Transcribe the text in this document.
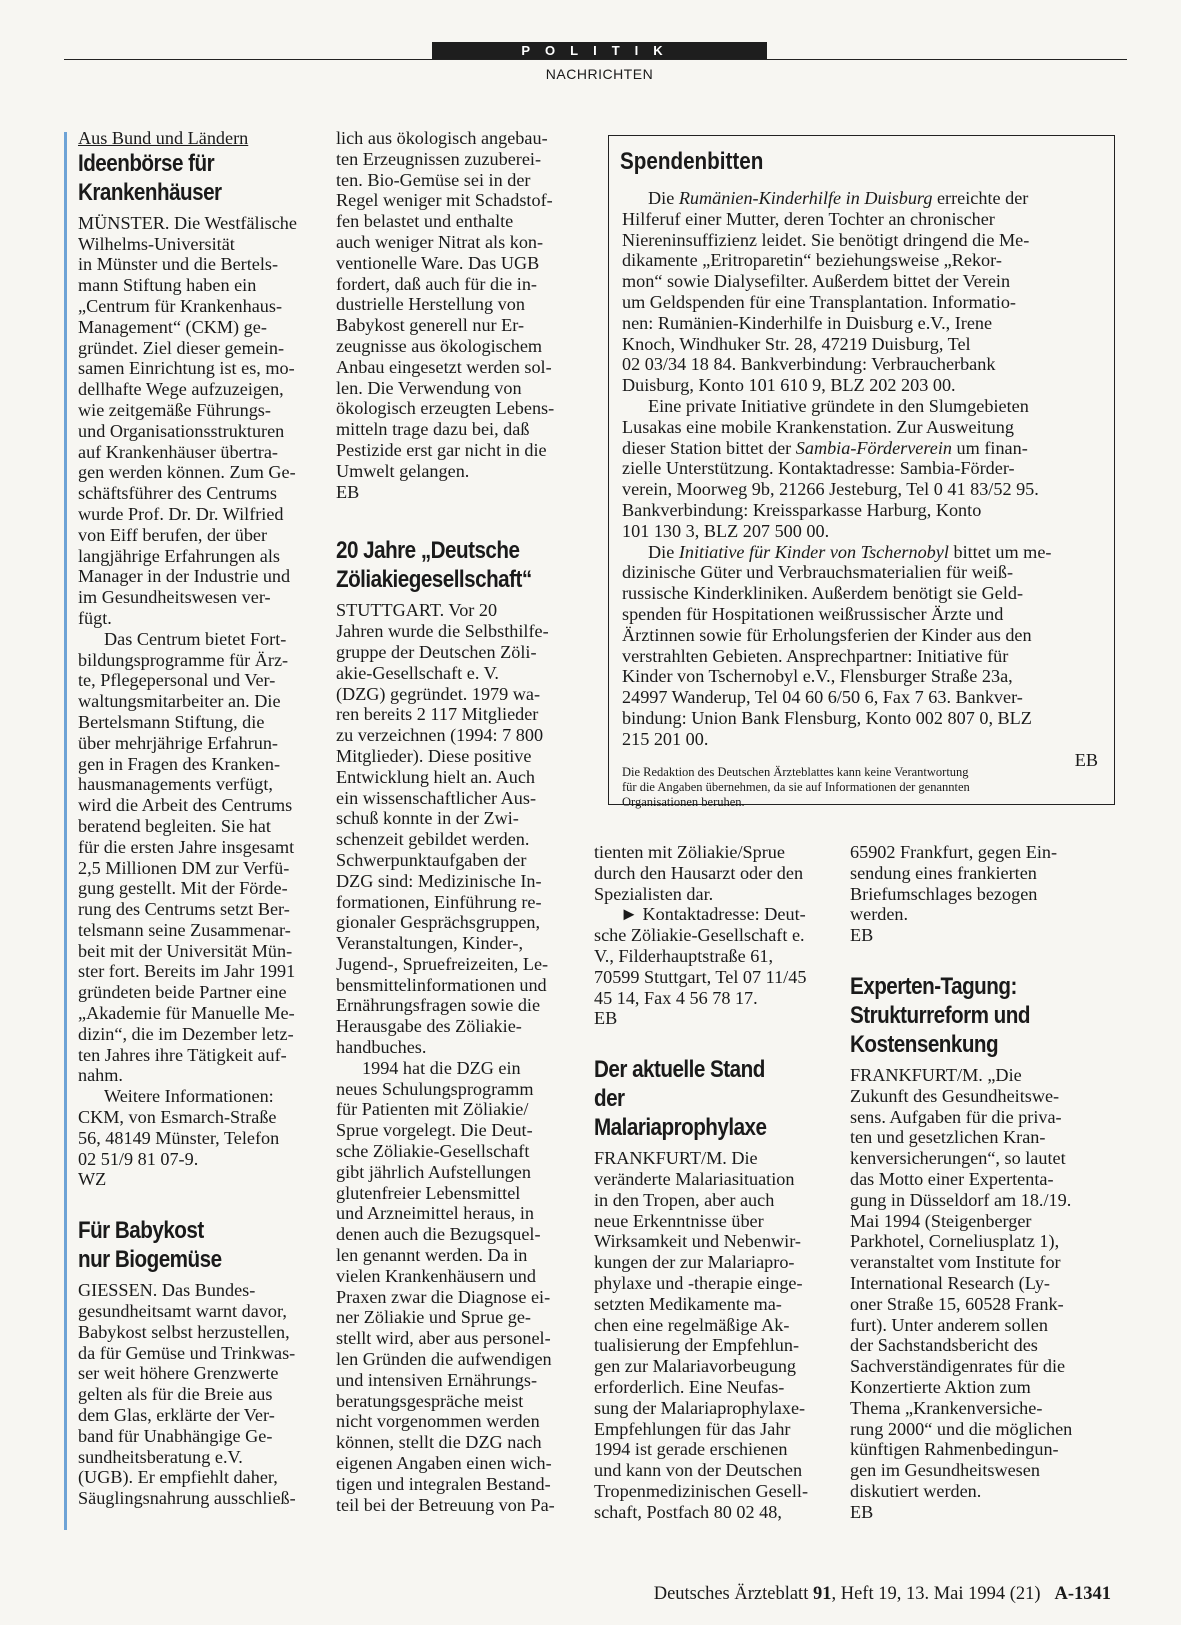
POLITIK
NACHRICHTEN

Aus Bund und Ländern

Ideenbörse für
Krankenhäuser

MÜNSTER. Die Westfälische Wilhelms-Universität
in Münster und die Bertels-
mann Stiftung haben ein
„Centrum für Krankenhaus-
Management“ (CKM) ge-
gründet. Ziel dieser gemein-
samen Einrichtung ist es, mo-
dellhafte Wege aufzuzeigen,
wie zeitgemäße Führungs-
und Organisationsstrukturen
auf Krankenhäuser übertra-
gen werden können. Zum Ge-
schäftsführer des Centrums
wurde Prof. Dr. Dr. Wilfried
von Eiff berufen, der über
langjährige Erfahrungen als
Manager in der Industrie und
im Gesundheitswesen ver-
fügt.

Das Centrum bietet Fort-
bildungsprogramme für Ärz-
te, Pflegepersonal und Ver-
waltungsmitarbeiter an. Die
Bertelsmann Stiftung, die
über mehrjährige Erfahrun-
gen in Fragen des Kranken-
hausmanagements verfügt,
wird die Arbeit des Centrums
beratend begleiten. Sie hat
für die ersten Jahre insgesamt
2,5 Millionen DM zur Verfü-
gung gestellt. Mit der Förde-
rung des Centrums setzt Ber-
telsmann seine Zusammenar-
beit mit der Universität Mün-
ster fort. Bereits im Jahr 1991
gründeten beide Partner eine
„Akademie für Manuelle Me-
dizin“, die im Dezember letz-
ten Jahres ihre Tätigkeit auf-
nahm.

Weitere Informationen:
CKM, von Esmarch-Straße
56, 48149 Münster, Telefon
02 51/9 81 07-9.

WZ

Für Babykost
nur Biogemüse

GIESSEN. Das Bundes-
gesundheitsamt warnt davor,
Babykost selbst herzustellen,
da für Gemüse und Trinkwas-
ser weit höhere Grenzwerte
gelten als für die Breie aus
dem Glas, erklärte der Ver-
band für Unabhängige Ge-
sundheitsberatung e.V.
(UGB). Er empfiehlt daher,
Säuglingsnahrung ausschließ-

lich aus ökologisch angebau-
ten Erzeugnissen zuzuberei-
ten. Bio-Gemüse sei in der
Regel weniger mit Schadstof-
fen belastet und enthalte
auch weniger Nitrat als kon-
ventionelle Ware. Das UGB
fordert, daß auch für die in-
dustrielle Herstellung von
Babykost generell nur Er-
zeugnisse aus ökologischem
Anbau eingesetzt werden sol-
len. Die Verwendung von
ökologisch erzeugten Lebens-
mitteln trage dazu bei, daß
Pestizide erst gar nicht in die
Umwelt gelangen.

EB

20 Jahre „Deutsche
Zöliakiegesellschaft“

STUTTGART. Vor 20
Jahren wurde die Selbsthilfe-
gruppe der Deutschen Zöli-
akie-Gesellschaft e. V.
(DZG) gegründet. 1979 wa-
ren bereits 2 117 Mitglieder
zu verzeichnen (1994: 7 800
Mitglieder). Diese positive
Entwicklung hielt an. Auch
ein wissenschaftlicher Aus-
schuß konnte in der Zwi-
schenzeit gebildet werden.
Schwerpunktaufgaben der
DZG sind: Medizinische In-
formationen, Einführung re-
gionaler Gesprächsgruppen,
Veranstaltungen, Kinder-,
Jugend-, Spruefreizeiten, Le-
bensmittelinformationen und
Ernährungsfragen sowie die
Herausgabe des Zöliakie-
handbuches.

1994 hat die DZG ein
neues Schulungsprogramm
für Patienten mit Zöliakie/
Sprue vorgelegt. Die Deut-
sche Zöliakie-Gesellschaft
gibt jährlich Aufstellungen
glutenfreier Lebensmittel
und Arzneimittel heraus, in
denen auch die Bezugsquel-
len genannt werden. Da in
vielen Krankenhäusern und
Praxen zwar die Diagnose ei-
ner Zöliakie und Sprue ge-
stellt wird, aber aus personel-
len Gründen die aufwendigen
und intensiven Ernährungs-
beratungsgespräche meist
nicht vorgenommen werden
können, stellt die DZG nach
eigenen Angaben einen wich-
tigen und integralen Bestand-
teil bei der Betreuung von Pa-

Spendenbitten

Die Rumänien-Kinderhilfe in Duisburg erreichte der
Hilferuf einer Mutter, deren Tochter an chronischer
Niereninsuffizienz leidet. Sie benötigt dringend die Me-
dikamente „Eritroparetin“ beziehungsweise „Rekor-
mon“ sowie Dialysefilter. Außerdem bittet der Verein
um Geldspenden für eine Transplantation. Informatio-
nen: Rumänien-Kinderhilfe in Duisburg e.V., Irene
Knoch, Windhuker Str. 28, 47219 Duisburg, Tel
02 03/34 18 84. Bankverbindung: Verbraucherbank
Duisburg, Konto 101 610 9, BLZ 202 203 00.

Eine private Initiative gründete in den Slumgebieten
Lusakas eine mobile Krankenstation. Zur Ausweitung
dieser Station bittet der Sambia-Förderverein um finan-
zielle Unterstützung. Kontaktadresse: Sambia-Förder-
verein, Moorweg 9b, 21266 Jesteburg, Tel 0 41 83/52 95.
Bankverbindung: Kreissparkasse Harburg, Konto
101 130 3, BLZ 207 500 00.

Die Initiative für Kinder von Tschernobyl bittet um me-
dizinische Güter und Verbrauchsmaterialien für weiß-
russische Kinderkliniken. Außerdem benötigt sie Geld-
spenden für Hospitationen weißrussischer Ärzte und
Ärztinnen sowie für Erholungsferien der Kinder aus den
verstrahlten Gebieten. Ansprechpartner: Initiative für
Kinder von Tschernobyl e.V., Flensburger Straße 23a,
24997 Wanderup, Tel 04 60 6/50 6, Fax 7 63. Bankver-
bindung: Union Bank Flensburg, Konto 002 807 0, BLZ
215 201 00.

EB

Die Redaktion des Deutschen Ärzteblattes kann keine Verantwortung
für die Angaben übernehmen, da sie auf Informationen der genannten
Organisationen beruhen.

tienten mit Zöliakie/Sprue
durch den Hausarzt oder den
Spezialisten dar.

► Kontaktadresse: Deut-
sche Zöliakie-Gesellschaft e.
V., Filderhauptstraße 61,
70599 Stuttgart, Tel 07 11/45
45 14, Fax 4 56 78 17.

EB

Der aktuelle Stand
der Malariaprophylaxe

FRANKFURT/M. Die
veränderte Malariasituation
in den Tropen, aber auch
neue Erkenntnisse über
Wirksamkeit und Nebenwir-
kungen der zur Malariapro-
phylaxe und -therapie einge-
setzten Medikamente ma-
chen eine regelmäßige Ak-
tualisierung der Empfehlun-
gen zur Malariavorbeugung
erforderlich. Eine Neufas-
sung der Malariaprophylaxe-
Empfehlungen für das Jahr
1994 ist gerade erschienen
und kann von der Deutschen
Tropenmedizinischen Gesell-
schaft, Postfach 80 02 48,

65902 Frankfurt, gegen Ein-
sendung eines frankierten
Briefumschlages bezogen
werden.

EB

Experten-Tagung:
Strukturreform und
Kostensenkung

FRANKFURT/M. „Die
Zukunft des Gesundheitswe-
sens. Aufgaben für die priva-
ten und gesetzlichen Kran-
kenversicherungen“, so lautet
das Motto einer Expertenta-
gung in Düsseldorf am 18./19.
Mai 1994 (Steigenberger
Parkhotel, Corneliusplatz 1),
veranstaltet vom Institute for
International Research (Ly-
oner Straße 15, 60528 Frank-
furt). Unter anderem sollen
der Sachstandsbericht des
Sachverständigenrates für die
Konzertierte Aktion zum
Thema „Krankenversiche-
rung 2000“ und die möglichen
künftigen Rahmenbedingun-
gen im Gesundheitswesen
diskutiert werden.

EB

Deutsches Ärzteblatt 91, Heft 19, 13. Mai 1994 (21) A-1341
